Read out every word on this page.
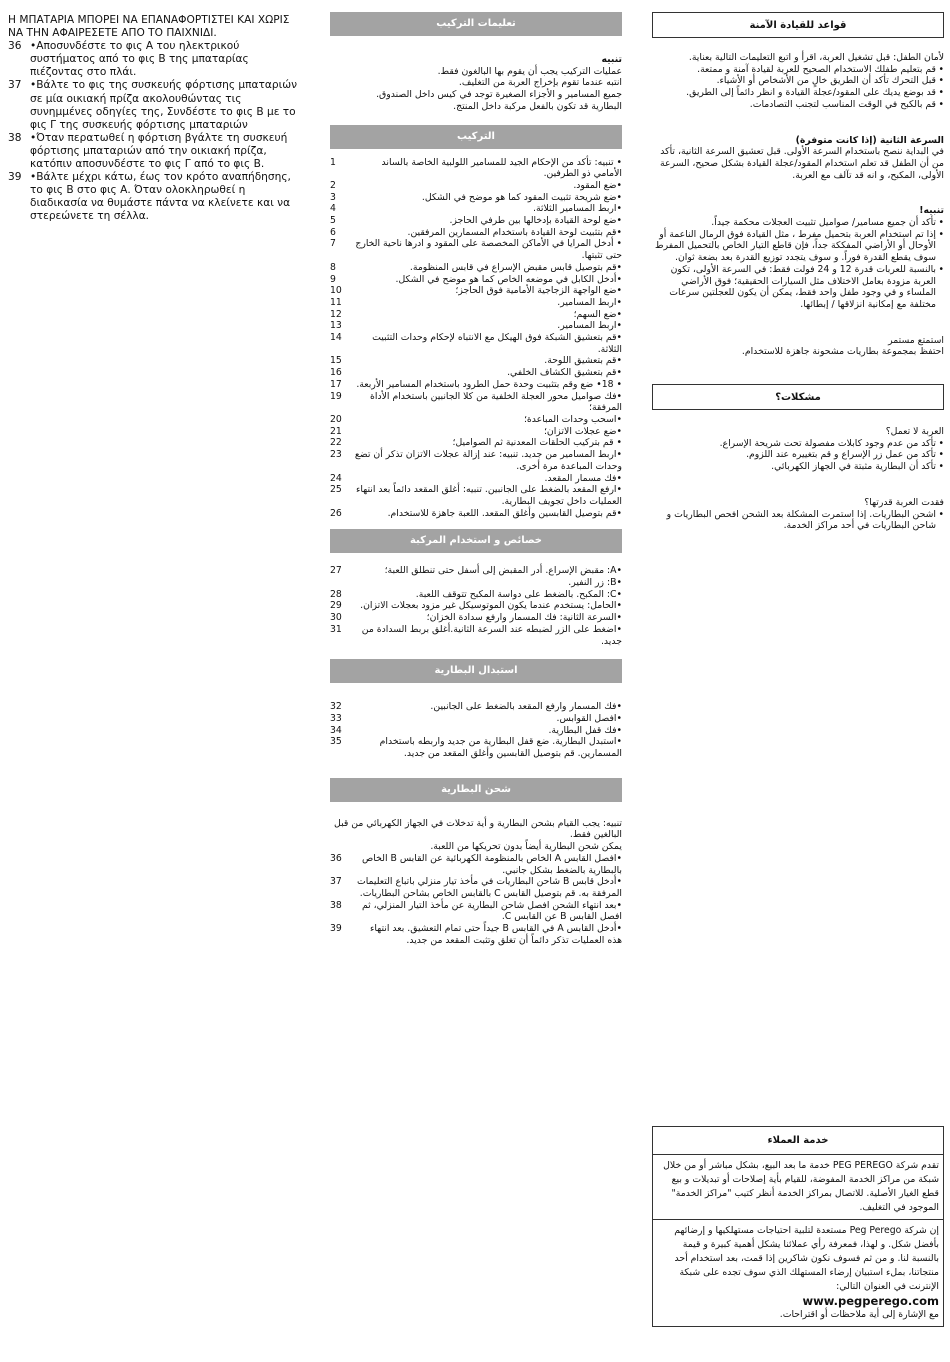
Η ΜΠΑΤΑΡΙΑ ΜΠΟΡΕΙ ΝΑ ΕΠΑΝΑΦΟΡΤΙΣΤΕΙ ΚΑΙ ΧΩΡΙΣ ΝΑ ΤΗΝ ΑΦΑΙΡΕΣΕΤΕ ΑΠΟ ΤΟ ΠΑΙΧΝΙΔΙ.

36 •Αποσυνδέστε το φις Α του ηλεκτρικού συστήματος από το φις Β της μπαταρίας πιέζοντας στο πλάι.
37 •Βάλτε το φις της συσκευής φόρτισης μπαταριών σε μία οικιακή πρίζα ακολουθώντας τις συνημμένες οδηγίες της, Συνδέστε το φις Β με το φις Γ της συσκευής φόρτισης μπαταριών
38 •Όταν περατωθεί η φόρτιση βγάλτε τη συσκευή φόρτισης μπαταριών από την οικιακή πρίζα, κατόπιν αποσυνδέστε το φις Γ από το φις Β.
39 •Βάλτε μέχρι κάτω, έως τον κρότο αναπήδησης, το φις Β στο φις Α. Όταν ολοκληρωθεί η διαδικασία να θυμάστε πάντα να κλείνετε και να στερεώνετε τη σέλλα.
تعليمات التركيب

تنبيه

عمليات التركيب يجب أن يقوم بها البالغون فقط.

انتبه عندما تقوم بإخراج العربة من التغليف.

جميع المسامير و الأجزاء الصغيرة توجد في كيس داخل الصندوق.

البطارية قد تكون بالفعل مركبة داخل المنتج.

التركيب
• تنبيه: تأكد من الإحكام الجيد للمسامير اللولبية الخاصة بالساند الأمامي ذو الطرفين.
1
•ضع المقود.
2
•ضع شريحة تثبيت المقود كما هو موضح في الشكل.
3
•اربط المسامير الثلاثة.
4
•ضع لوحة القيادة بإدخالها بين طرفي الحاجز.
5
•قم بتثبيت لوحة القيادة باستخدام المسمارين المرفقين.
6
• أدخل المرايا في الأماكن المخصصة على المقود و ادرها ناحية الخارج حتى تثبتها.
7
•قم بتوصيل قابس مقبض الإسراع في قابس المنظومة.
8
•أدخل الكابل في موضعه الخاص كما هو موضح في الشكل.
9
•ضع الواجهة الزجاجية الأمامية فوق الحاجز؛
10
•اربط المسامير.
11
•ضع السهم؛
12
•اربط المسامير.
13
•قم بتعشيق الشبكة فوق الهيكل مع الانتباه لإحكام وحدات التثبيت الثلاثة.
14
•قم بتعشيق اللوحة.
15
•قم بتعشيق الكشاف الخلفي.
16
• 18• ضع وقم بتثبيت وحدة حمل الطرود باستخدام المسامير الأربعة.
17
•فك صواميل محور العجلة الخلفية من كلا الجانبين باستخدام الأداة المرفقة؛
19
•اسحب وحدات المباعدة؛
20
•ضع عجلات الاتزان؛
21
• قم بتركيب الحلقات المعدنية ثم الصواميل؛
22
•اربط المسامير من جديد. تنبيه: عند إزالة عجلات الاتزان تذكر أن تضع وحدات المباعدة مرة أخرى.
23
•فك مسمار المقعد.
24
•ارفع المقعد بالضغط على الجانبين. تنبيه: أغلق المقعد دائماً بعد انتهاء العمليات داخل تجويف البطارية.
25
•قم بتوصيل القابسين وأغلق المقعد. اللعبة جاهزة للاستخدام.
26
خصائص و استخدام المركبة
•A: مقبض الإسراع. أدر المقبض إلى أسفل حتى تنطلق اللعبة؛
27
•B: زر النفير.
•C: المكبح. بالضغط على دواسة المكبح تتوقف اللعبة.
28
•الحامل: يستخدم عندما يكون الموتوسيكل غير مزود بعجلات الاتزان.
29
•السرعة الثانية: فك المسمار وارفع سدادة الخزان؛
30
•اضغط على الزر لضبطه عند السرعة الثانية.أغلق بربط السدادة من جديد.
31
استبدال البطارية
•فك المسمار وارفع المقعد بالضغط على الجانبين.
32
•افصل القوابس.
33
•فك قفل البطارية.
34
•استبدل البطارية. ضع قفل البطارية من جديد واربطه باستخدام المسمارين. قم بتوصيل القابسين وأغلق المقعد من جديد.
35
شحن البطارية

تنبيه: يجب القيام بشحن البطارية و أية تدخلات في الجهاز الكهربائي من قبل البالغين فقط.

يمكن شحن البطارية أيضاً بدون تحريكها من اللعبة.

•افصل القابس A الخاص بالمنظومة الكهربائية عن القابس B الخاص بالبطارية بالضغط بشكل جانبي.
36
•أدخل قابس B شاحن البطاريات في مأخذ تيار منزلي باتباع التعليمات المرفقة به. قم بتوصيل القابس C بالقابس الخاص بشاحن البطاريات.
37
•بعد انتهاء الشحن افصل شاحن البطارية عن مأخذ التيار المنزلي، ثم افصل القابس B عن القابس C.
38
•أدخل القابس A في القابس B جيداً حتى تمام التعشيق. بعد انتهاء هذه العمليات تذكر دائماً أن تغلق وتثبت المقعد من جديد.
39
قواعد للقيادة الآمنة

لأمان الطفل: قبل تشغيل العربة، اقرأ و اتبع التعليمات التالية بعناية.

• قم بتعليم طفلك الاستخدام الصحيح للعربة لقيادة آمنة و ممتعة.
• قبل التحرك تأكد أن الطريق خالٍ من الأشخاص أو الأشياء.
• قد بوضع يديك على المقود/عجلة القيادة و انظر دائماً إلى الطريق.
• قم بالكبح في الوقت المناسب لتجنب التصادمات.

السرعة الثانية (إذا كانت متوفرة)

في البداية ننصح باستخدام السرعة الأولى. قبل تعشيق السرعة الثانية، تأكد من أن الطفل قد تعلم استخدام المقود/عجلة القيادة بشكل صحيح، السرعة الأولى، المكبح، و انه قد تآلف مع العربة.

تنبيه!

• تأكد أن جميع مسامير/ صواميل تثبيت العجلات محكمة جيداً.
• إذا تم استخدام العربة بتحميل مفرط ، مثل القيادة فوق الرمال الناعمة أو الأوحال أو الأراضي المفككة جداً، فإن قاطع التيار الخاص بالتحميل المفرط سوف يقطع القدرة فوراً. و سوف يتجدد توزيع القدرة بعد بضعة ثوان.
• بالنسبة للعربات قدرة 12 و 24 فولت فقط: في السرعة الأولى، تكون العربة مزودة بعامل الاختلاف مثل السيارات الحقيقية؛ فوق الأراضي الملساء و في وجود طفل واحد فقط، يمكن أن يكون للعجلتين سرعات مختلفة مع إمكانية انزلاقها / إبطائها.

استمتع مستمر

احتفظ بمجموعة بطاريات مشحونة جاهزة للاستخدام.

مشكلات؟

العربة لا تعمل؟

• تأكد من عدم وجود كابلات مفصولة تحت شريحة الإسراع.
• تأكد من عمل زر الإسراع و قم بتغييره عند اللزوم.
• تأكد أن البطارية مثبتة في الجهاز الكهربائي.

فقدت العربة قدرتها؟

• اشحن البطاريات. إذا استمرت المشكلة بعد الشحن افحص البطاريات و شاحن البطاريات في أحد مراكز الخدمة.
خدمة العملاء
تقدم شركة PEG PEREGO خدمة ما بعد البيع، بشكل مباشر أو من خلال شبكة من مراكز الخدمة المفوضة، للقيام بأية إصلاحات أو تبديلات و بيع قطع الغيار الأصلية. للاتصال بمراكز الخدمة أنظر كتيب "مراكز الخدمة" الموجود في التغليف.
إن شركة Peg Perego مستعدة لتلبية احتياجات مستهلكيها و إرضائهم بأفضل شكل. و لهذا، فمعرفة رأي عملائنا يشكل أهمية كبيرة و قيمة بالنسبة لنا. و من ثم فسوف نكون شاكرين إذا قمت، بعد استخدام أحد منتجاتنا، بملء استبيان إرضاء المستهلك الذي سوف تجده على شبكة الإنترنت في العنوان التالي:
www.pegperego.com
مع الإشارة إلى أية ملاحظات أو اقتراحات.
